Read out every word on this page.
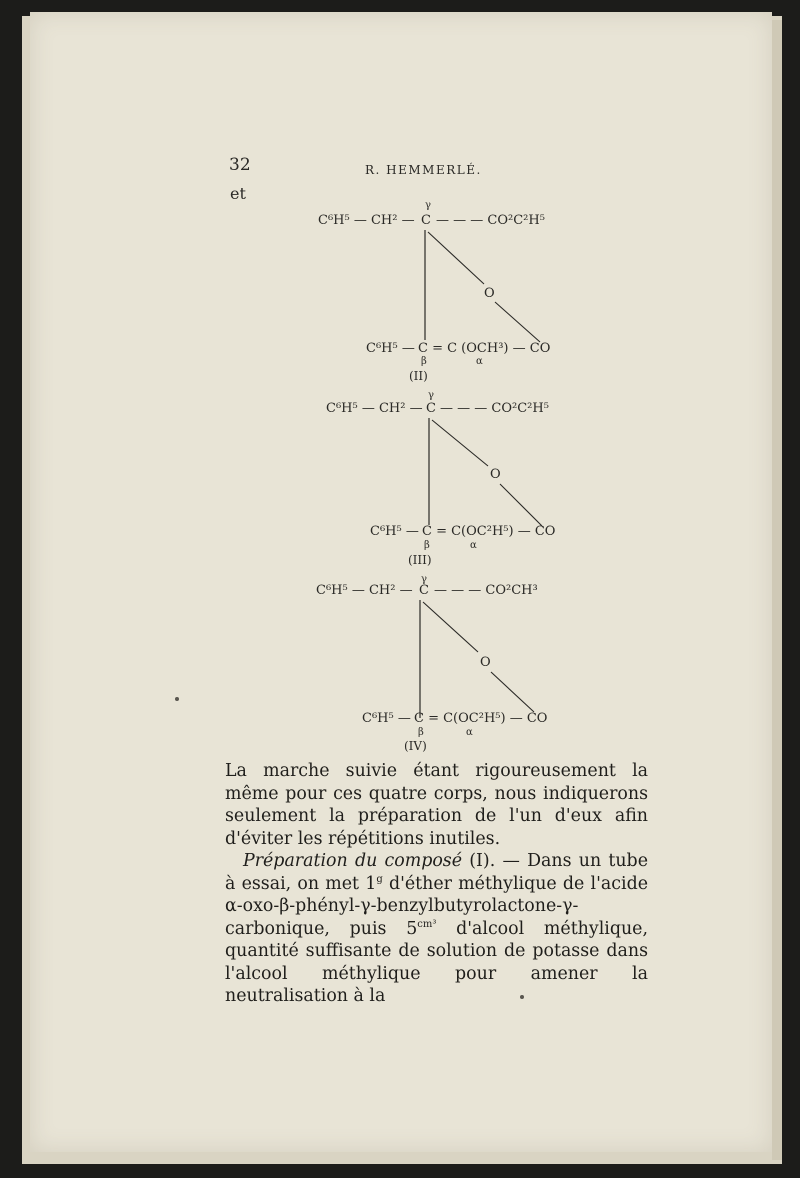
32	R. HEMMERLÉ.
et
γ
C⁶H⁵ — CH² — C — — — CO²C²H⁵
O
C⁶H⁵ — C = C (OCH³) — CO
β	α
(II)
γ
C⁶H⁵ — CH² — C — — — CO²C²H⁵
O
C⁶H⁵ — C = C(OC²H⁵) — CO
β	α
(III)
γ
C⁶H⁵ — CH² — C — — — CO²CH³
O
C⁶H⁵ — C = C(OC²H⁵) — CO
β	α
(IV)
La marche suivie étant rigoureusement la même pour ces quatre corps, nous indiquerons seulement la préparation de l'un d'eux afin d'éviter les répétitions inutiles.
Préparation du composé (I). — Dans un tube à essai, on met 1$^g$ d'éther méthylique de l'acide α-oxo-β-phényl-γ-benzylbutyrolactone-γ-carbonique, puis $5^{cm^3}$ d'alcool méthylique, quantité suffisante de solution de potasse dans l'alcool méthylique pour amener la neutralisation à la
